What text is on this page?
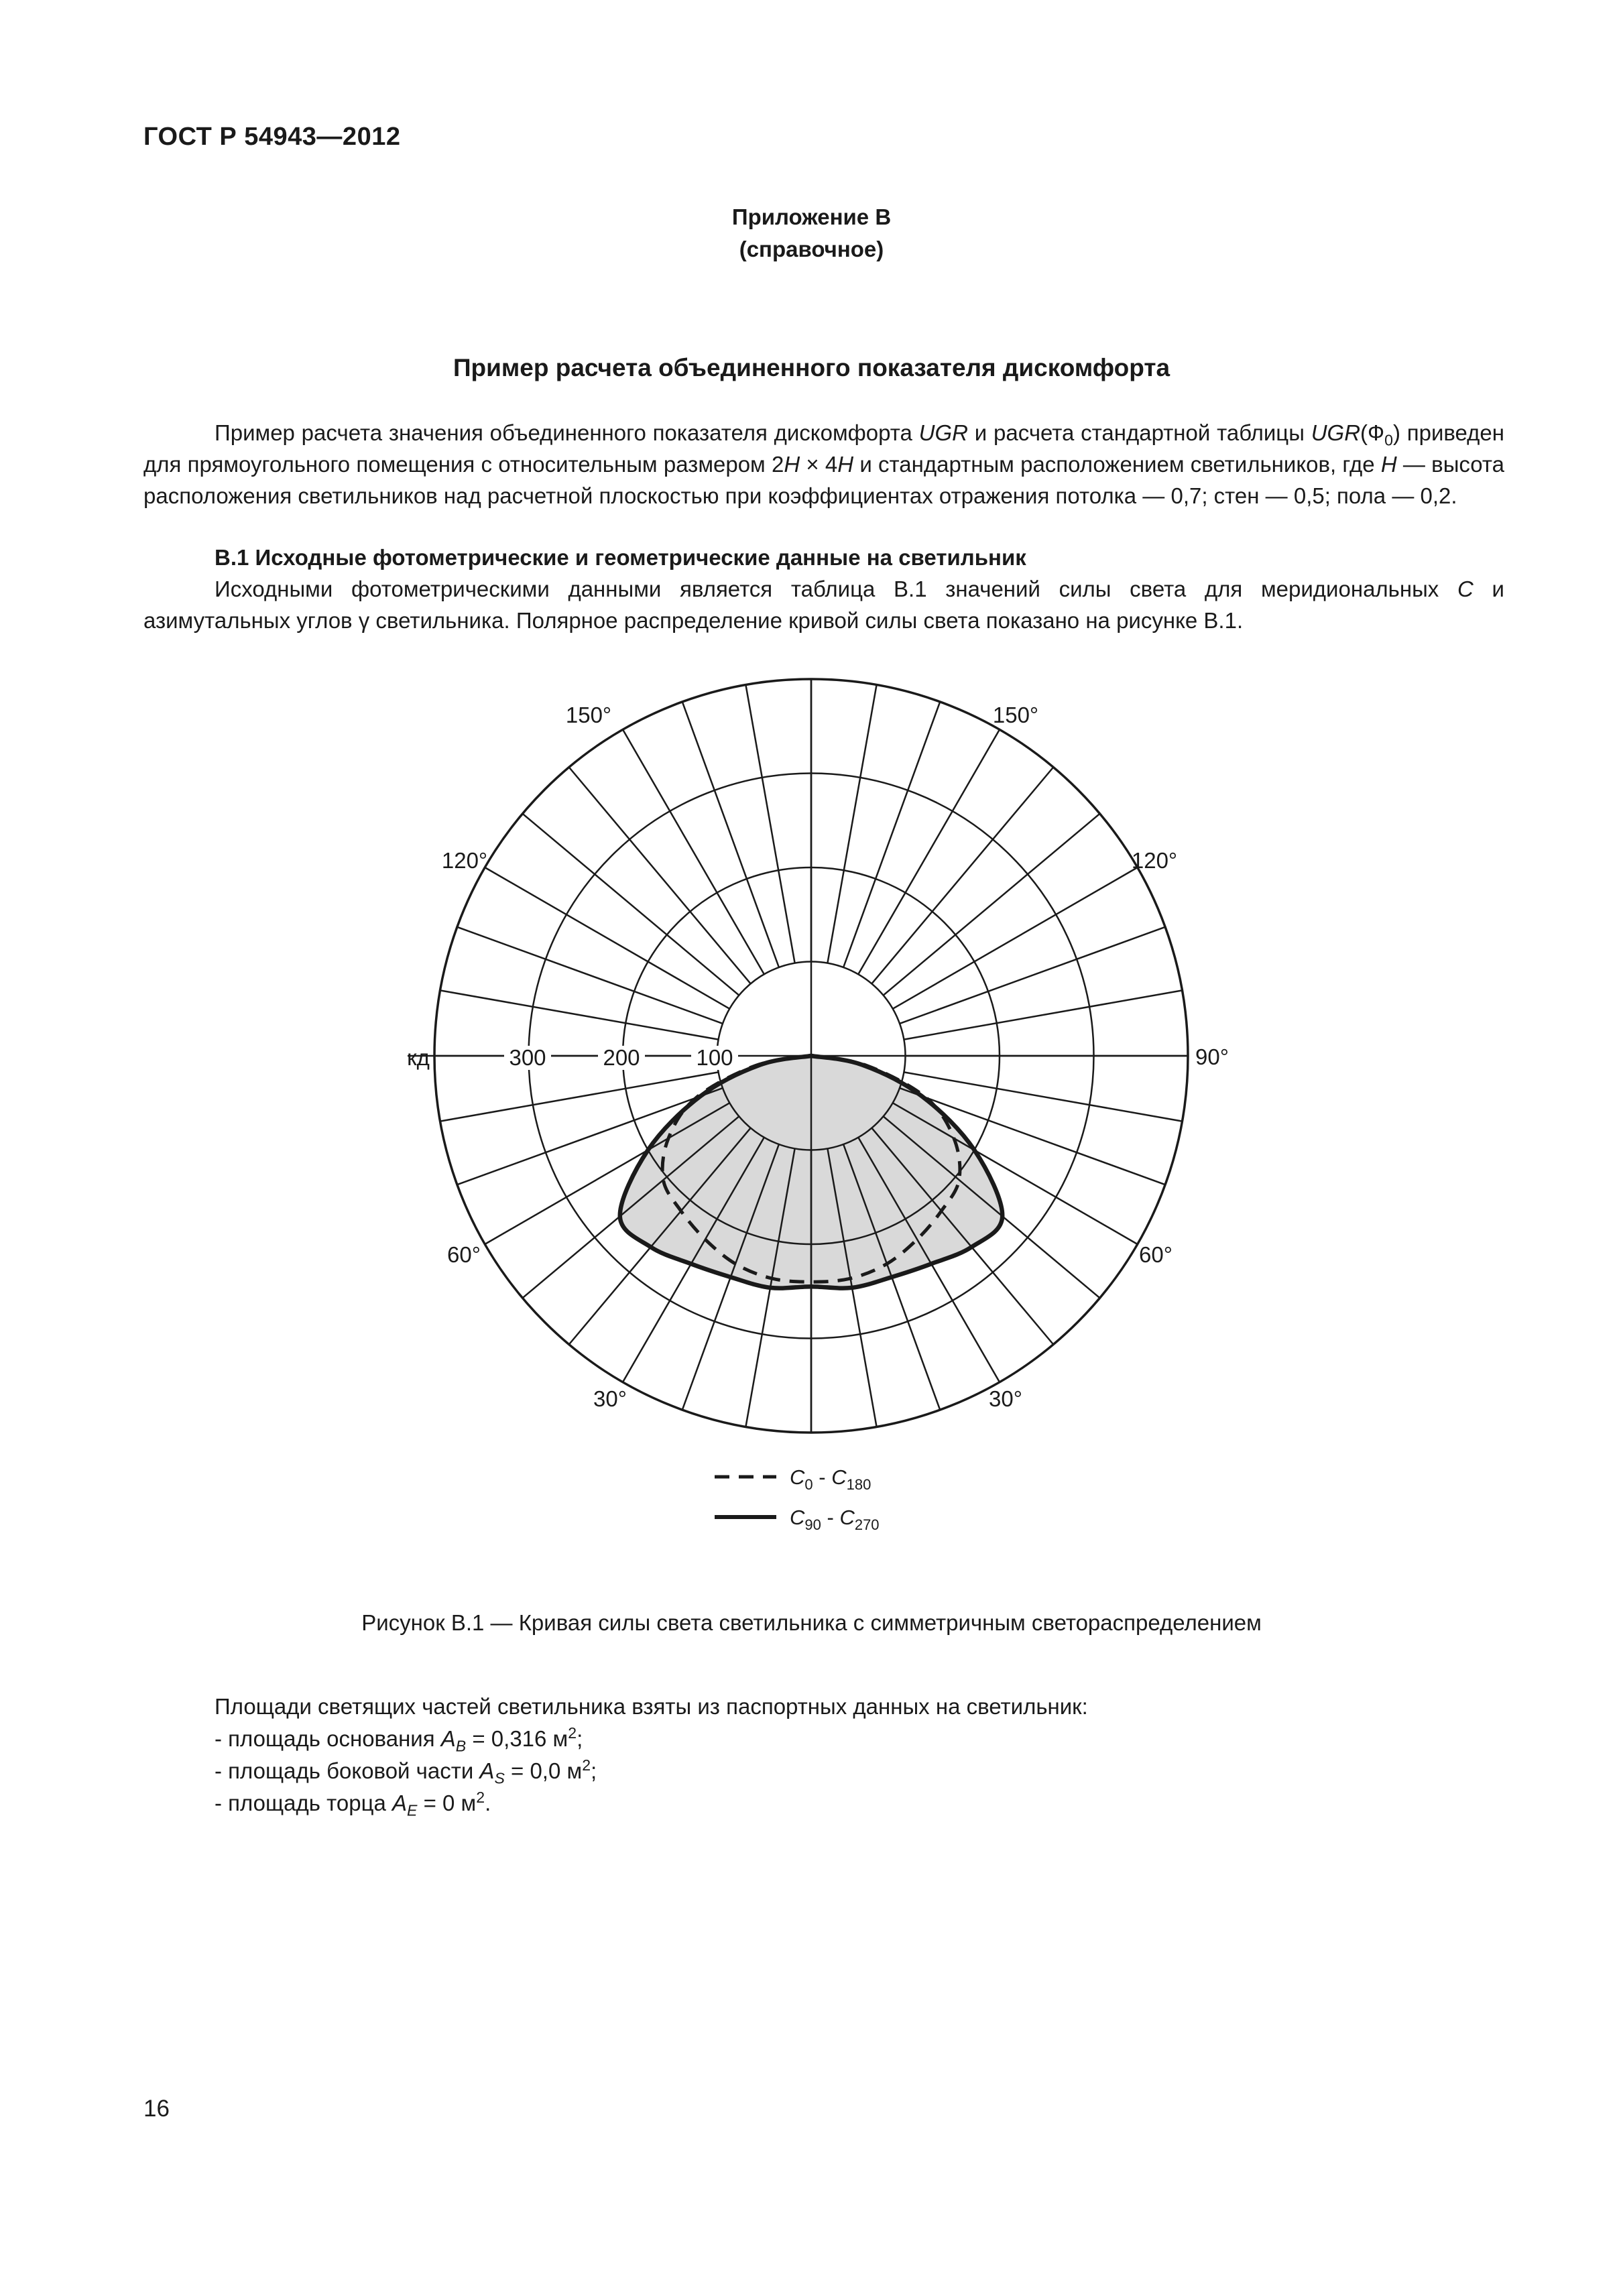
ГОСТ Р 54943—2012
Приложение В
(справочное)
Пример расчета объединенного показателя дискомфорта
Пример расчета значения объединенного показателя дискомфорта UGR и расчета стандартной таблицы $UGR(Ф_0)$ приведен для прямоугольного помещения с относительным размером 2H × 4H и стандартным расположением светильников, где H — высота расположения светильников над расчетной плоскостью при коэффициентах отражения потолка — 0,7; стен — 0,5; пола — 0,2.
В.1 Исходные фотометрические и геометрические данные на светильник
Исходными фотометрическими данными является таблица В.1 значений силы света для меридиональных C и азимутальных углов γ светильника. Полярное распределение кривой силы света показано на рисунке В.1.
150°	150°
120°	120°
90°
60°	60°
30°	30°
кд	300	200	100
$C_0 - C_{180}$
$C_{90} - C_{270}$
Рисунок В.1 — Кривая силы света светильника с симметричным светораспределением
Площади светящих частей светильника взяты из паспортных данных на светильник:
- площадь основания $A_B = 0,316$ $м^2$;
- площадь боковой части $A_S = 0,0$ $м^2$;
- площадь торца $A_E = 0$ $м^2$.
16
